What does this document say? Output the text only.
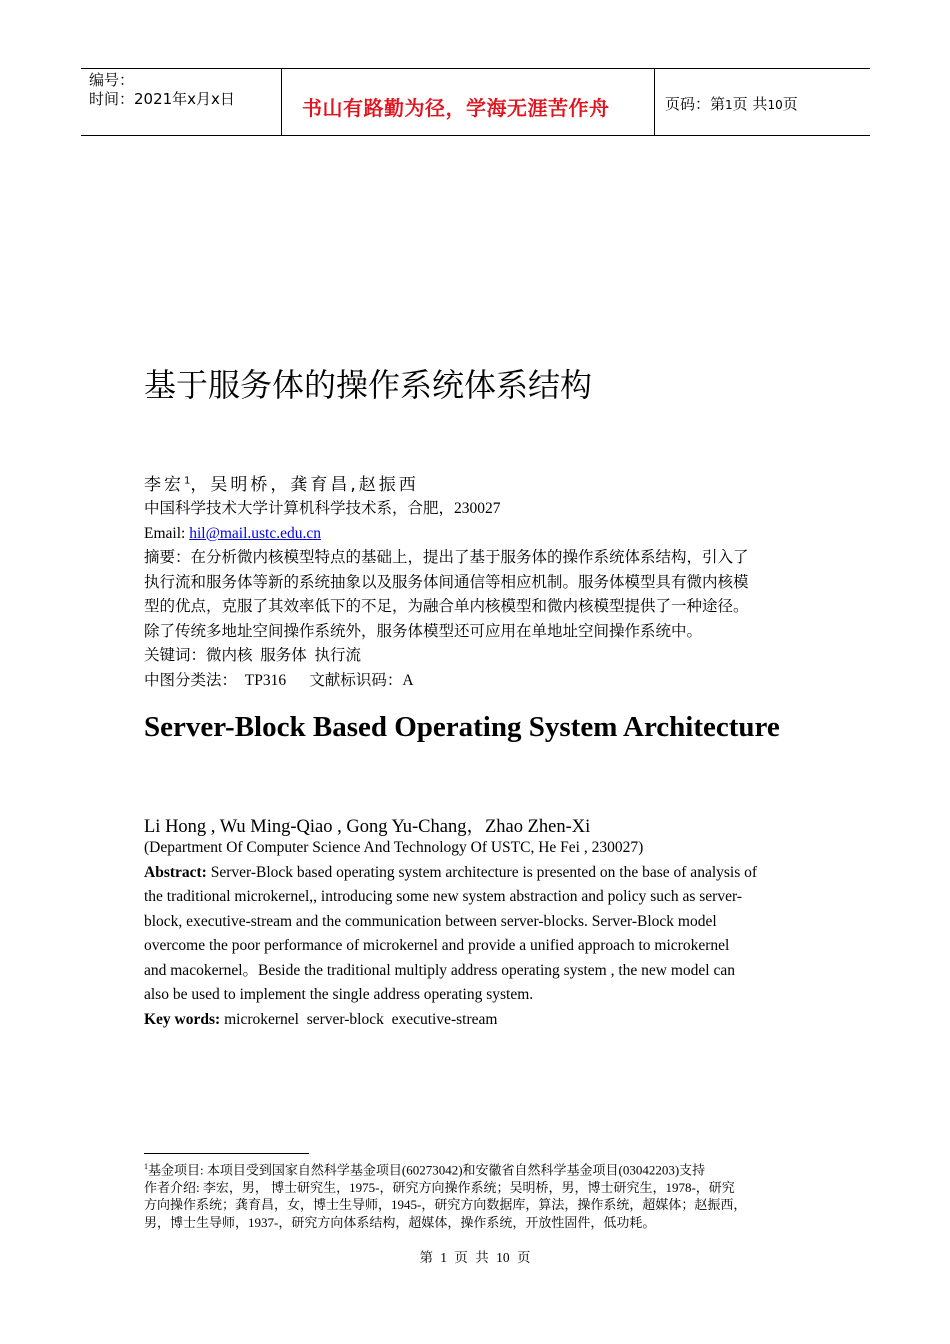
编号：
时间：2021年x月x日	书山有路勤为径，学海无涯苦作舟	页码：第1页 共10页
基于服务体的操作系统体系结构
李宏$^1$，吴明桥，龚育昌,赵振西
中国科学技术大学计算机科学技术系，合肥，230027
Email: hil@mail.ustc.edu.cn
摘要：在分析微内核模型特点的基础上，提出了基于服务体的操作系统体系结构，引入了
执行流和服务体等新的系统抽象以及服务体间通信等相应机制。服务体模型具有微内核模
型的优点，克服了其效率低下的不足，为融合单内核模型和微内核模型提供了一种途径。
除了传统多地址空间操作系统外，服务体模型还可应用在单地址空间操作系统中。
关键词：微内核  服务体  执行流
中图分类法：  TP316      文献标识码：A
Server-Block Based Operating System Architecture
Li Hong , Wu Ming-Qiao , Gong Yu-Chang，Zhao Zhen-Xi
(Department Of Computer Science And Technology Of USTC, He Fei , 230027)
Abstract: Server-Block based operating system architecture is presented on the base of analysis of
the traditional microkernel,, introducing some new system abstraction and policy such as server-
block, executive-stream and the communication between server-blocks. Server-Block model
overcome the poor performance of microkernel and provide a unified approach to microkernel
and macokernel。Beside the traditional multiply address operating system , the new model can
also be used to implement the single address operating system.
Key words: microkernel  server-block  executive-stream
$^1$基金项目: 本项目受到国家自然科学基金项目(60273042)和安徽省自然科学基金项目(03042203)支持
作者介绍: 李宏，男， 博士研究生，1975-，研究方向操作系统；吴明桥，男，博士研究生，1978-，研究
方向操作系统；龚育昌，女，博士生导师，1945-，研究方向数据库，算法，操作系统，超媒体；赵振西，
男，博士生导师，1937-，研究方向体系结构，超媒体，操作系统，开放性固件，低功耗。
第 1 页 共 10 页
